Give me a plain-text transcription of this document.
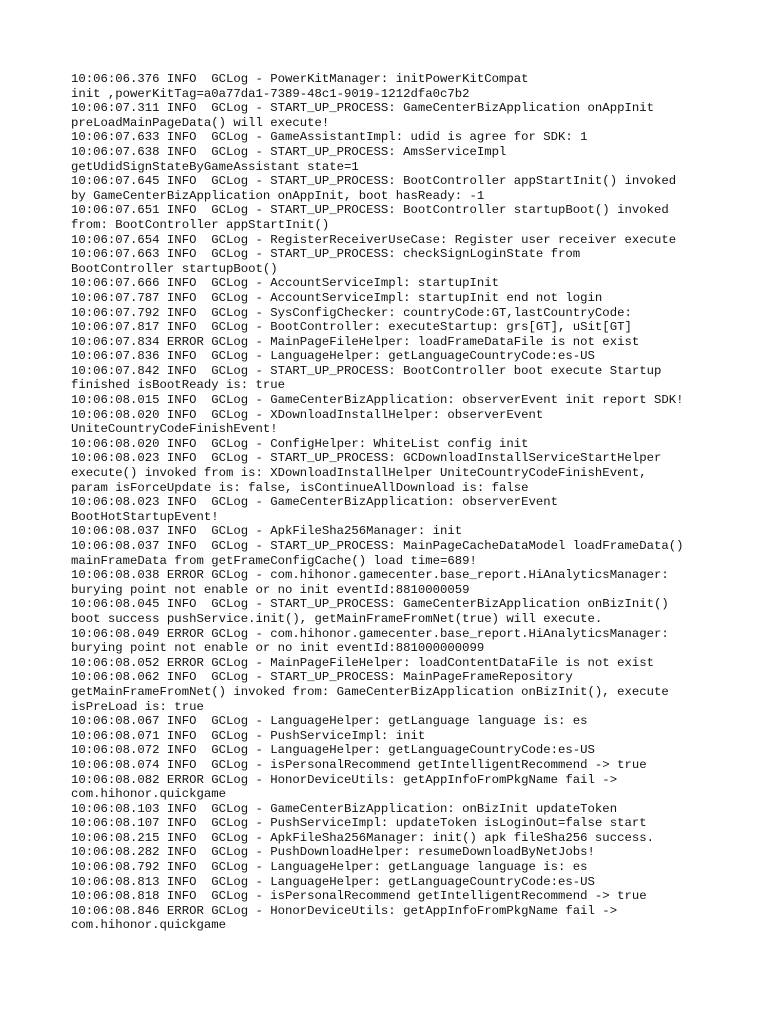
10:06:06.376 INFO  GCLog - PowerKitManager: initPowerKitCompat
init ,powerKitTag=a0a77da1-7389-48c1-9019-1212dfa0c7b2
10:06:07.311 INFO  GCLog - START_UP_PROCESS: GameCenterBizApplication onAppInit
preLoadMainPageData() will execute!
10:06:07.633 INFO  GCLog - GameAssistantImpl: udid is agree for SDK: 1
10:06:07.638 INFO  GCLog - START_UP_PROCESS: AmsServiceImpl
getUdidSignStateByGameAssistant state=1
10:06:07.645 INFO  GCLog - START_UP_PROCESS: BootController appStartInit() invoked
by GameCenterBizApplication onAppInit, boot hasReady: -1
10:06:07.651 INFO  GCLog - START_UP_PROCESS: BootController startupBoot() invoked
from: BootController appStartInit()
10:06:07.654 INFO  GCLog - RegisterReceiverUseCase: Register user receiver execute
10:06:07.663 INFO  GCLog - START_UP_PROCESS: checkSignLoginState from
BootController startupBoot()
10:06:07.666 INFO  GCLog - AccountServiceImpl: startupInit
10:06:07.787 INFO  GCLog - AccountServiceImpl: startupInit end not login
10:06:07.792 INFO  GCLog - SysConfigChecker: countryCode:GT,lastCountryCode:
10:06:07.817 INFO  GCLog - BootController: executeStartup: grs[GT], uSit[GT]
10:06:07.834 ERROR GCLog - MainPageFileHelper: loadFrameDataFile is not exist
10:06:07.836 INFO  GCLog - LanguageHelper: getLanguageCountryCode:es-US
10:06:07.842 INFO  GCLog - START_UP_PROCESS: BootController boot execute Startup
finished isBootReady is: true
10:06:08.015 INFO  GCLog - GameCenterBizApplication: observerEvent init report SDK!
10:06:08.020 INFO  GCLog - XDownloadInstallHelper: observerEvent
UniteCountryCodeFinishEvent!
10:06:08.020 INFO  GCLog - ConfigHelper: WhiteList config init
10:06:08.023 INFO  GCLog - START_UP_PROCESS: GCDownloadInstallServiceStartHelper
execute() invoked from is: XDownloadInstallHelper UniteCountryCodeFinishEvent,
param isForceUpdate is: false, isContinueAllDownload is: false
10:06:08.023 INFO  GCLog - GameCenterBizApplication: observerEvent
BootHotStartupEvent!
10:06:08.037 INFO  GCLog - ApkFileSha256Manager: init
10:06:08.037 INFO  GCLog - START_UP_PROCESS: MainPageCacheDataModel loadFrameData()
mainFrameData from getFrameConfigCache() load time=689!
10:06:08.038 ERROR GCLog - com.hihonor.gamecenter.base_report.HiAnalyticsManager:
burying point not enable or no init eventId:8810000059
10:06:08.045 INFO  GCLog - START_UP_PROCESS: GameCenterBizApplication onBizInit()
boot success pushService.init(), getMainFrameFromNet(true) will execute.
10:06:08.049 ERROR GCLog - com.hihonor.gamecenter.base_report.HiAnalyticsManager:
burying point not enable or no init eventId:881000000099
10:06:08.052 ERROR GCLog - MainPageFileHelper: loadContentDataFile is not exist
10:06:08.062 INFO  GCLog - START_UP_PROCESS: MainPageFrameRepository
getMainFrameFromNet() invoked from: GameCenterBizApplication onBizInit(), execute
isPreLoad is: true
10:06:08.067 INFO  GCLog - LanguageHelper: getLanguage language is: es
10:06:08.071 INFO  GCLog - PushServiceImpl: init
10:06:08.072 INFO  GCLog - LanguageHelper: getLanguageCountryCode:es-US
10:06:08.074 INFO  GCLog - isPersonalRecommend getIntelligentRecommend -> true
10:06:08.082 ERROR GCLog - HonorDeviceUtils: getAppInfoFromPkgName fail ->
com.hihonor.quickgame
10:06:08.103 INFO  GCLog - GameCenterBizApplication: onBizInit updateToken
10:06:08.107 INFO  GCLog - PushServiceImpl: updateToken isLoginOut=false start
10:06:08.215 INFO  GCLog - ApkFileSha256Manager: init() apk fileSha256 success.
10:06:08.282 INFO  GCLog - PushDownloadHelper: resumeDownloadByNetJobs!
10:06:08.792 INFO  GCLog - LanguageHelper: getLanguage language is: es
10:06:08.813 INFO  GCLog - LanguageHelper: getLanguageCountryCode:es-US
10:06:08.818 INFO  GCLog - isPersonalRecommend getIntelligentRecommend -> true
10:06:08.846 ERROR GCLog - HonorDeviceUtils: getAppInfoFromPkgName fail ->
com.hihonor.quickgame
